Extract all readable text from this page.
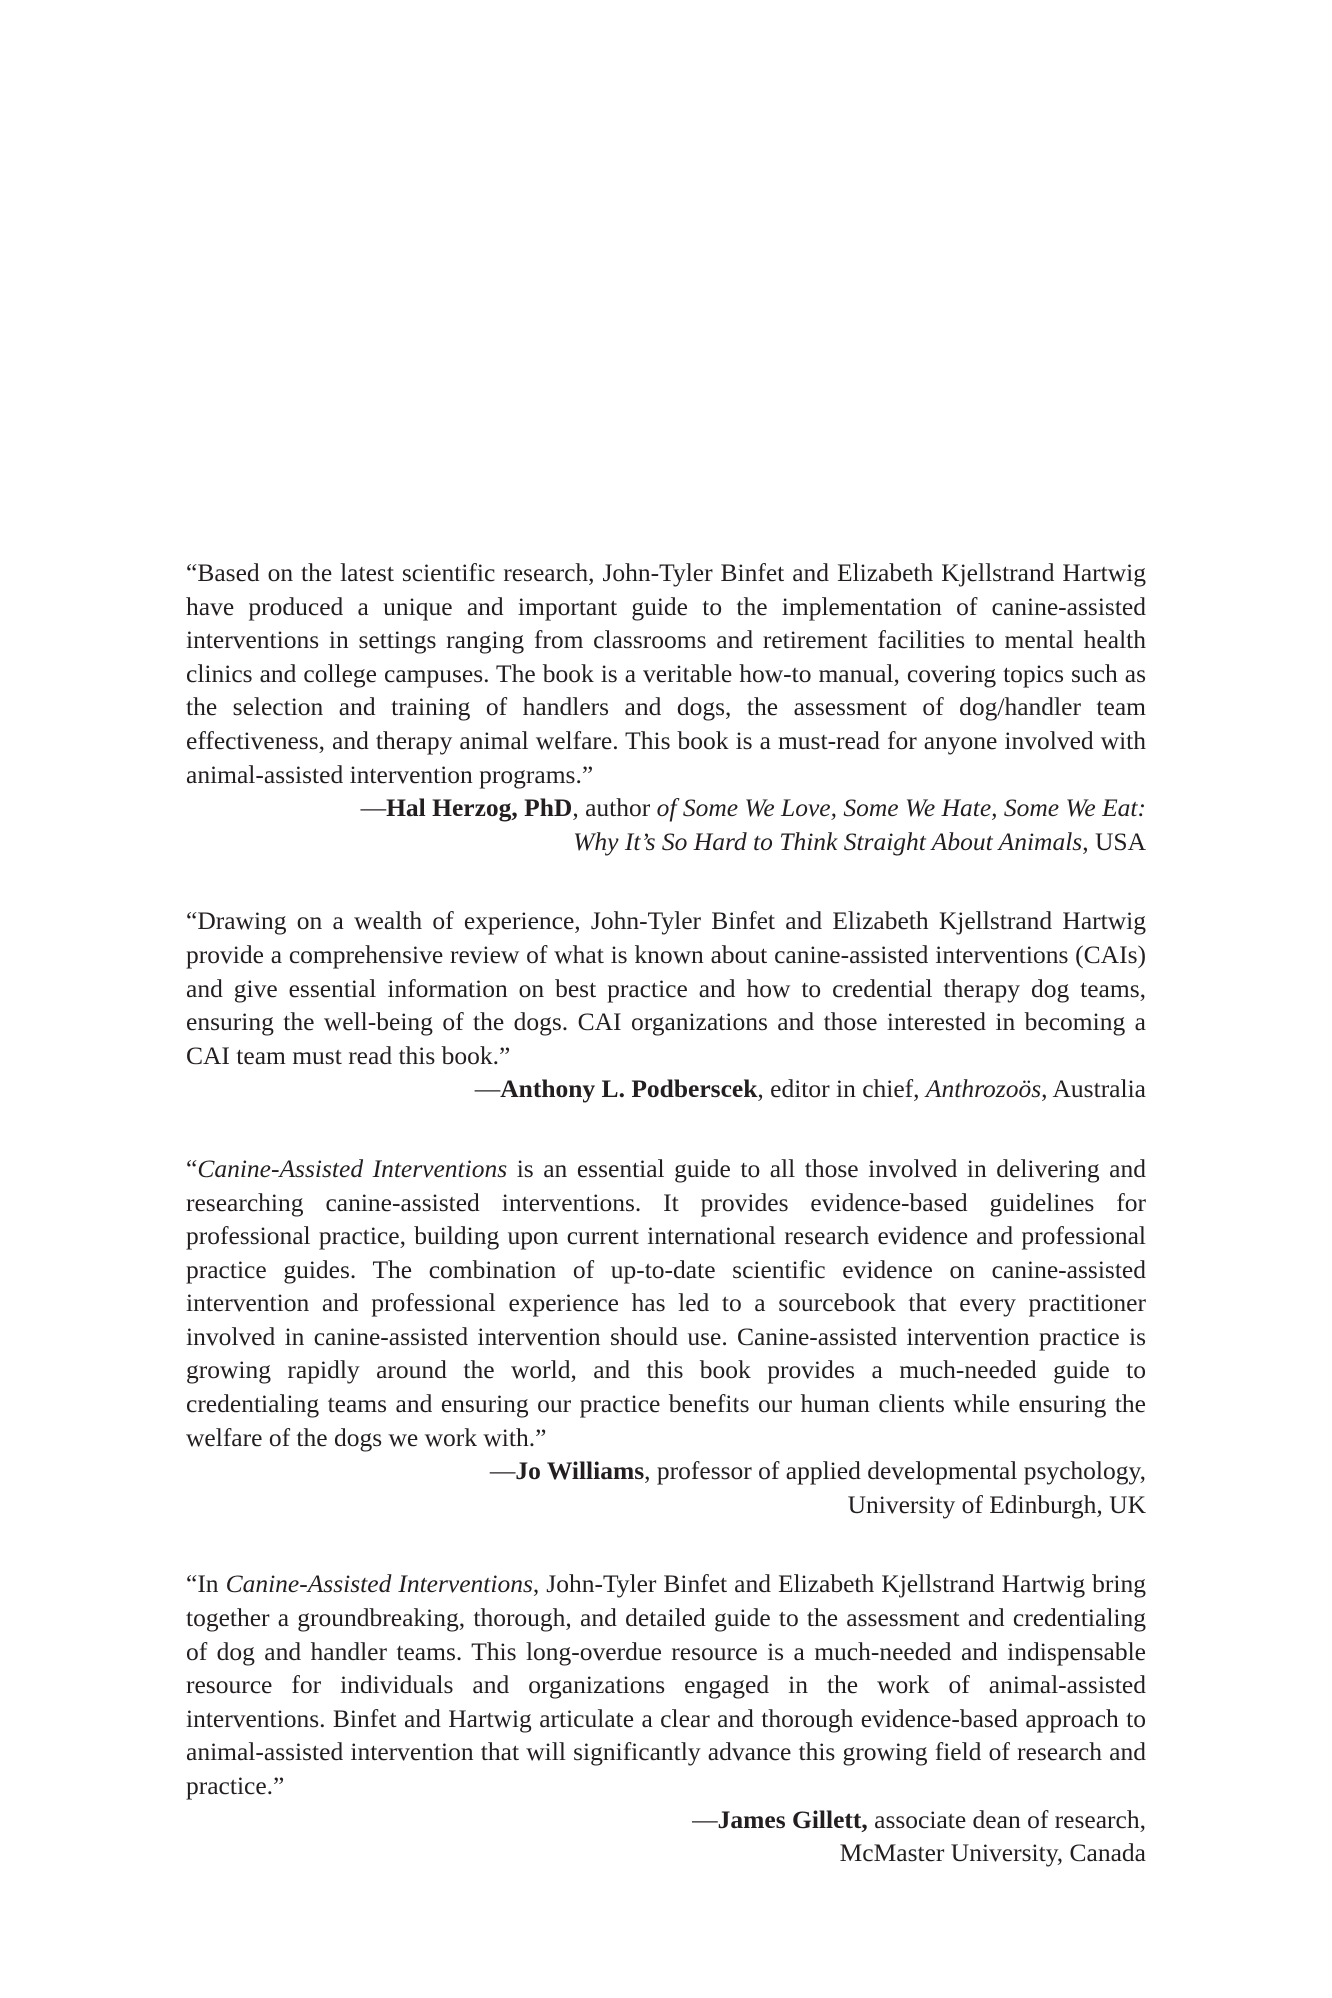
“Based on the latest scientific research, John-Tyler Binfet and Elizabeth Kjellstrand Hartwig have produced a unique and important guide to the implementation of canine-assisted interventions in settings ranging from classrooms and retirement facilities to mental health clinics and college campuses. The book is a veritable how-to manual, covering topics such as the selection and training of handlers and dogs, the assessment of dog/handler team effectiveness, and therapy animal welfare. This book is a must-read for anyone involved with animal-assisted intervention programs.”

—Hal Herzog, PhD, author of Some We Love, Some We Hate, Some We Eat:
Why It’s So Hard to Think Straight About Animals, USA

“Drawing on a wealth of experience, John-Tyler Binfet and Elizabeth Kjellstrand Hartwig provide a comprehensive review of what is known about canine-assisted interventions (CAIs) and give essential information on best practice and how to credential therapy dog teams, ensuring the well-being of the dogs. CAI organizations and those interested in becoming a CAI team must read this book.”

—Anthony L. Podberscek, editor in chief, Anthrozoös, Australia

“Canine-Assisted Interventions is an essential guide to all those involved in delivering and researching canine-assisted interventions. It provides evidence-based guidelines for professional practice, building upon current international research evidence and professional practice guides. The combination of up-to-date scientific evidence on canine-assisted intervention and professional experience has led to a sourcebook that every practitioner involved in canine-assisted intervention should use. Canine-assisted intervention practice is growing rapidly around the world, and this book provides a much-needed guide to credentialing teams and ensuring our practice benefits our human clients while ensuring the welfare of the dogs we work with.”

—Jo Williams, professor of applied developmental psychology,
University of Edinburgh, UK

“In Canine-Assisted Interventions, John-Tyler Binfet and Elizabeth Kjellstrand Hartwig bring together a groundbreaking, thorough, and detailed guide to the assessment and credentialing of dog and handler teams. This long-overdue resource is a much-needed and indispensable resource for individuals and organizations engaged in the work of animal-assisted interventions. Binfet and Hartwig articulate a clear and thorough evidence-based approach to animal-assisted intervention that will significantly advance this growing field of research and practice.”

—James Gillett, associate dean of research,
McMaster University, Canada
